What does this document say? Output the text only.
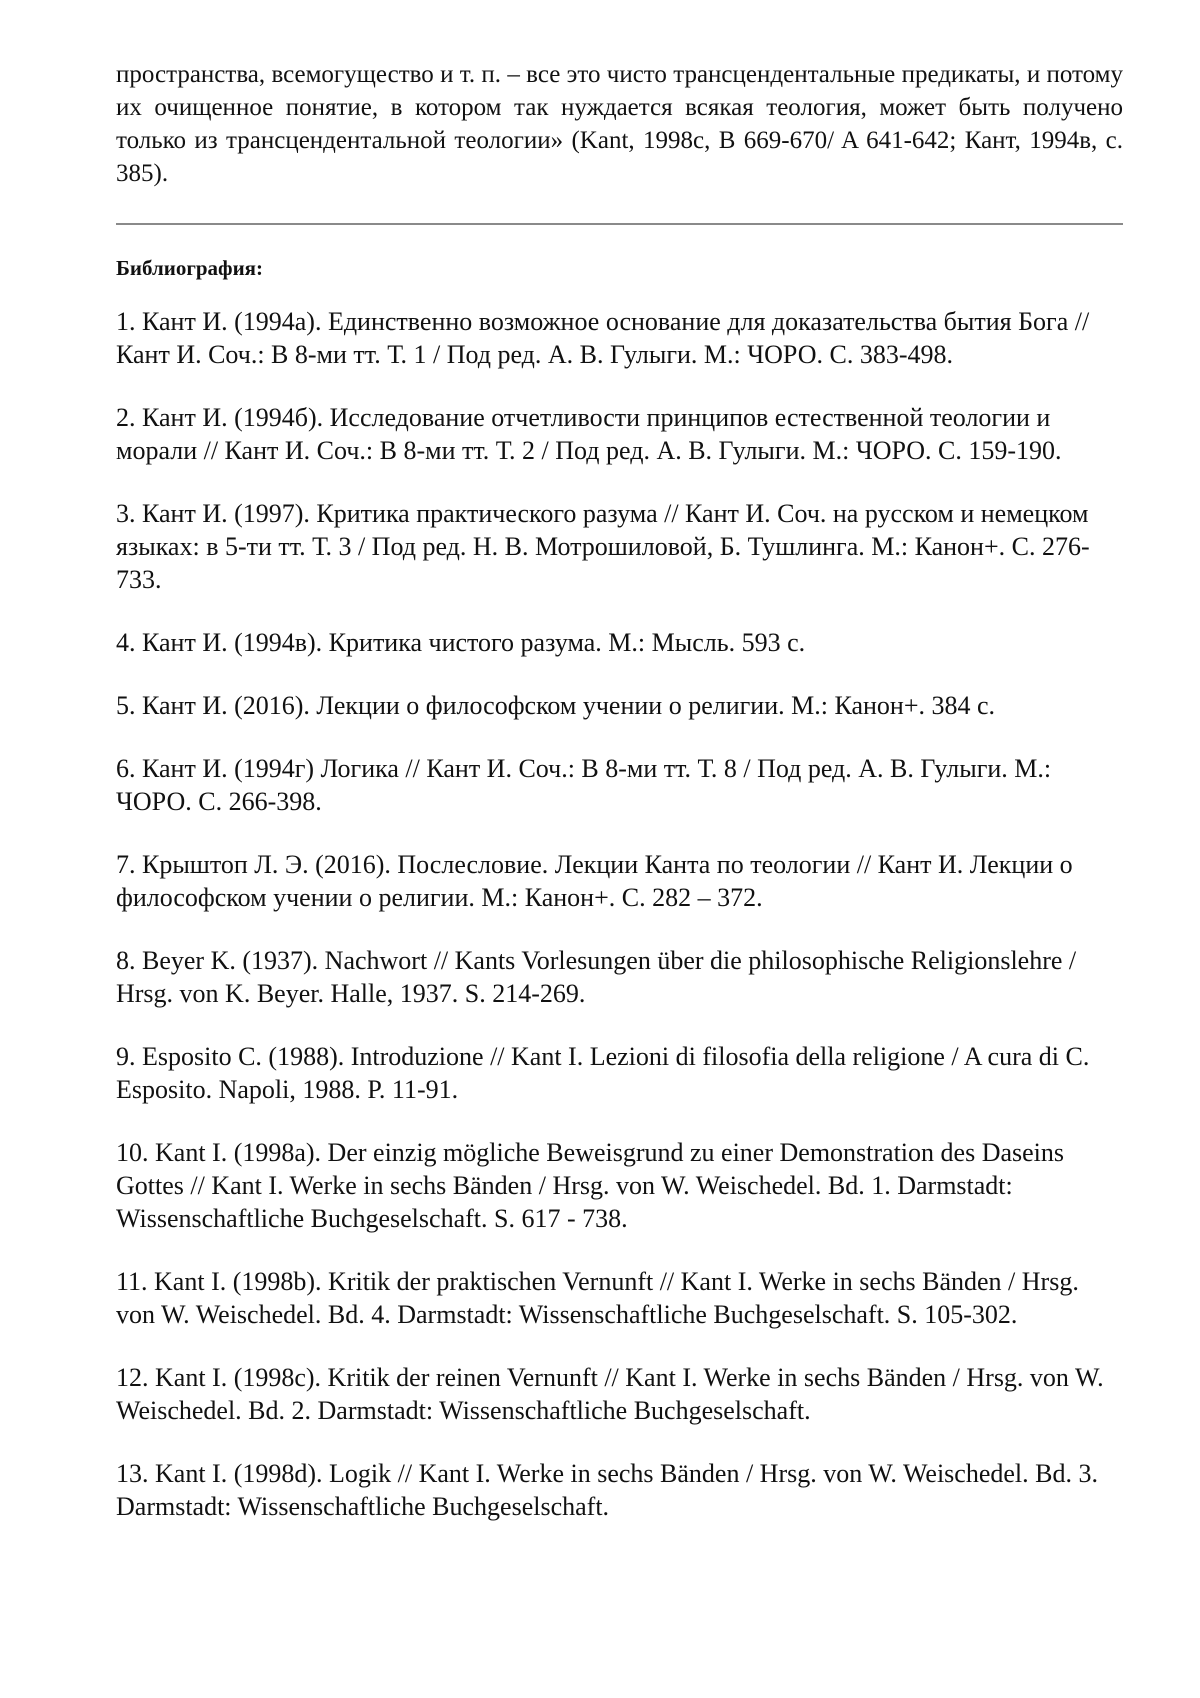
пространства, всемогущество и т. п. – все это чисто трансцендентальные предикаты, и потому их очищенное понятие, в котором так нуждается всякая теология, может быть получено только из трансцендентальной теологии» (Kant, 1998c, B 669-670/ A 641-642; Кант, 1994в, с. 385).

Библиография:
1. Кант И. (1994а). Единственно возможное основание для доказательства бытия Бога // Кант И. Соч.: В 8-ми тт. Т. 1 / Под ред. А. В. Гулыги. М.: ЧОРО. С. 383-498.
2. Кант И. (1994б). Исследование отчетливости принципов естественной теологии и морали // Кант И. Соч.: В 8-ми тт. Т. 2 / Под ред. А. В. Гулыги. М.: ЧОРО. С. 159-190.
3. Кант И. (1997). Критика практического разума // Кант И. Соч. на русском и немецком языках: в 5-ти тт. Т. 3 / Под ред. Н. В. Мотрошиловой, Б. Тушлинга. М.: Канон+. С. 276-733.
4. Кант И. (1994в). Критика чистого разума. М.: Мысль. 593 с.
5. Кант И. (2016). Лекции о философском учении о религии. М.: Канон+. 384 с.
6. Кант И. (1994г) Логика // Кант И. Соч.: В 8-ми тт. Т. 8 / Под ред. А. В. Гулыги. М.: ЧОРО. С. 266-398.
7. Крыштоп Л. Э. (2016). Послесловие. Лекции Канта по теологии // Кант И. Лекции о философском учении о религии. М.: Канон+. С. 282 – 372.
8. Beyer K. (1937). Nachwort // Kants Vorlesungen über die philosophische Religionslehre / Hrsg. von K. Beyer. Halle, 1937. S. 214-269.
9. Esposito C. (1988). Introduzione // Kant I. Lezioni di filosofia della religione / A cura di C. Esposito. Napoli, 1988. P. 11-91.
10. Kant I. (1998a). Der einzig mögliche Beweisgrund zu einer Demonstration des Daseins Gottes // Kant I. Werke in sechs Bänden / Hrsg. von W. Weischedel. Bd. 1. Darmstadt: Wissenschaftliche Buchgeselschaft. S. 617 - 738.
11. Kant I. (1998b). Kritik der praktischen Vernunft // Kant I. Werke in sechs Bänden / Hrsg. von W. Weischedel. Bd. 4. Darmstadt: Wissenschaftliche Buchgeselschaft. S. 105-302.
12. Kant I. (1998c). Kritik der reinen Vernunft // Kant I. Werke in sechs Bänden / Hrsg. von W. Weischedel. Bd. 2. Darmstadt: Wissenschaftliche Buchgeselschaft.
13. Kant I. (1998d). Logik // Kant I. Werke in sechs Bänden / Hrsg. von W. Weischedel. Bd. 3. Darmstadt: Wissenschaftliche Buchgeselschaft.
